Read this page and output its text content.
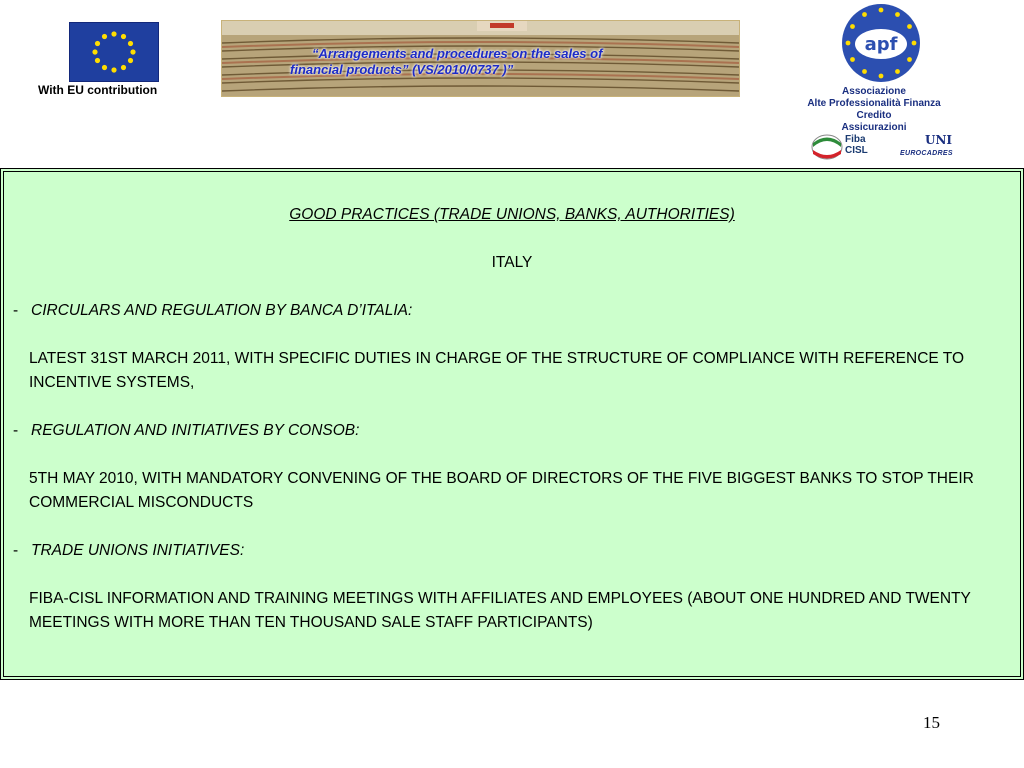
With EU contribution
“Arrangements and procedures on the sales of
financial products” (VS/2010/0737 )”
apf
Associazione
Alte Professionalità Finanza
Credito
Assicurazioni
Fiba
CISL
UNI
EUROCADRES
GOOD PRACTICES (TRADE UNIONS, BANKS, AUTHORITIES)
ITALY
- CIRCULARS AND REGULATION BY BANCA D’ITALIA:
LATEST 31ST MARCH 2011, WITH SPECIFIC DUTIES IN CHARGE OF THE STRUCTURE OF COMPLIANCE WITH REFERENCE TO INCENTIVE SYSTEMS,
- REGULATION AND INITIATIVES BY CONSOB:
5TH MAY 2010, WITH MANDATORY CONVENING OF THE BOARD OF DIRECTORS OF THE FIVE BIGGEST BANKS TO STOP THEIR COMMERCIAL MISCONDUCTS
- TRADE UNIONS INITIATIVES:
FIBA-CISL INFORMATION AND TRAINING MEETINGS WITH AFFILIATES AND EMPLOYEES (ABOUT ONE HUNDRED AND TWENTY MEETINGS WITH MORE THAN TEN THOUSAND SALE STAFF PARTICIPANTS)
15
